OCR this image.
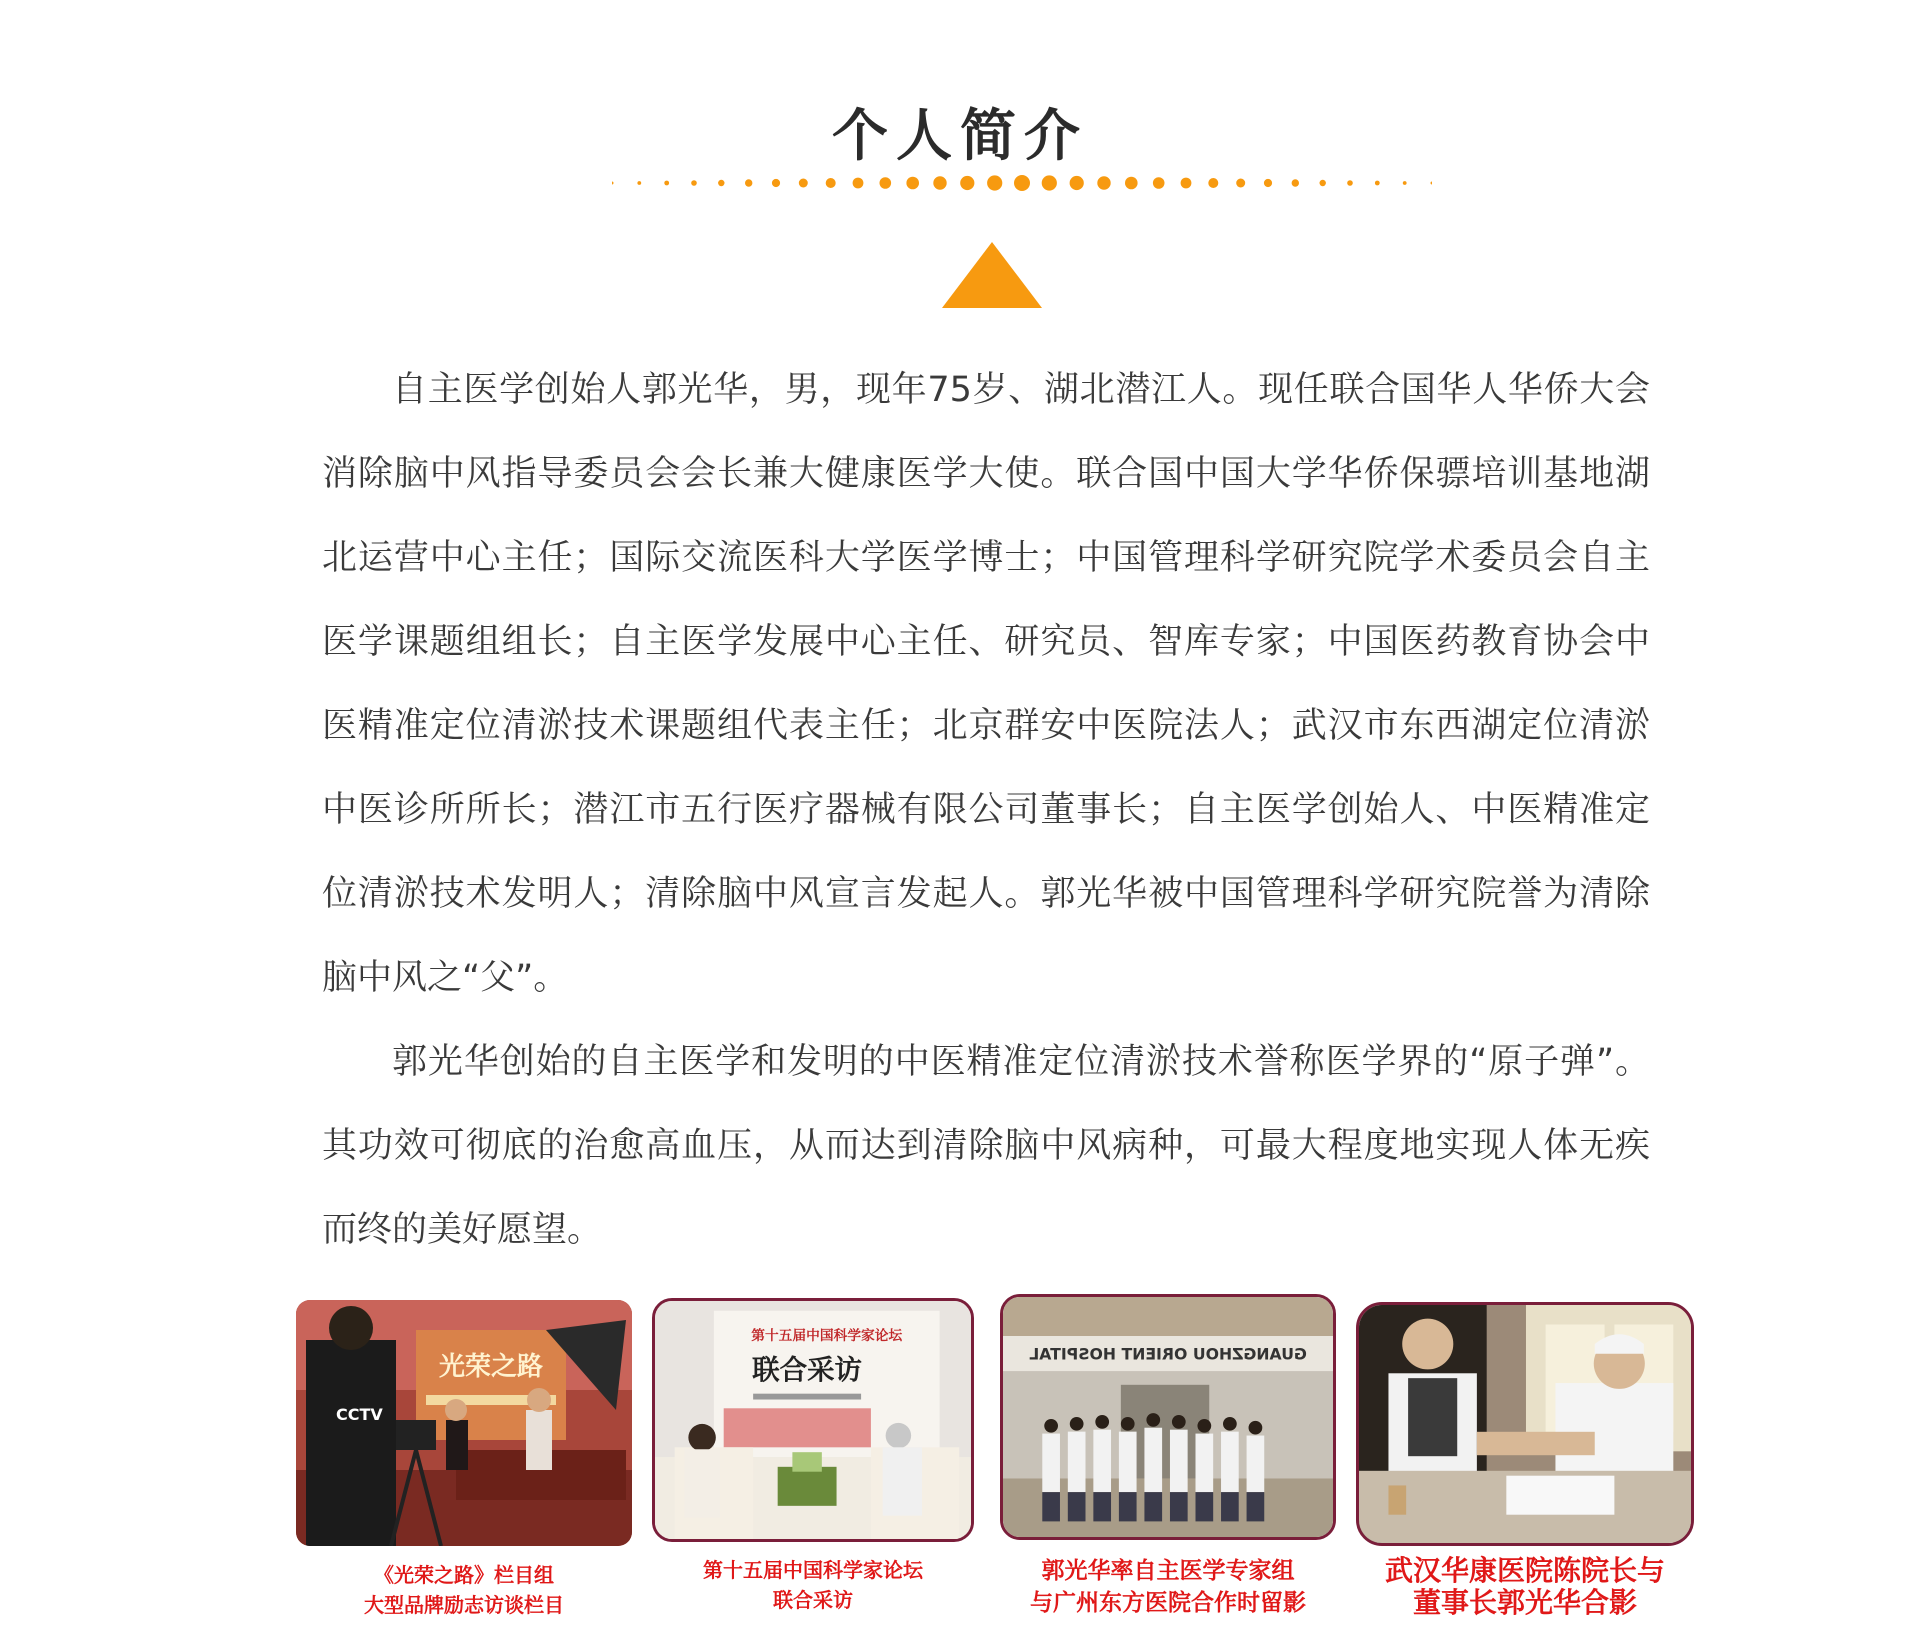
个人简介

自主医学创始人郭光华，男，现年75岁、湖北潜江人。现任联合国华人华侨大会消除脑中风指导委员会会长兼大健康医学大使。联合国中国大学华侨保骠培训基地湖北运营中心主任；国际交流医科大学医学博士；中国管理科学研究院学术委员会自主医学课题组组长；自主医学发展中心主任、研究员、智库专家；中国医药教育协会中医精准定位清淤技术课题组代表主任；北京群安中医院法人；武汉市东西湖定位清淤中医诊所所长；潜江市五行医疗器械有限公司董事长；自主医学创始人、中医精准定位清淤技术发明人；清除脑中风宣言发起人。郭光华被中国管理科学研究院誉为清除脑中风之“父”。

郭光华创始的自主医学和发明的中医精准定位清淤技术誉称医学界的“原子弹”。其功效可彻底的治愈高血压，从而达到清除脑中风病种，可最大程度地实现人体无疾而终的美好愿望。

光荣之路
CCTV
《光荣之路》栏目组
大型品牌励志访谈栏目
第十五届中国科学家论坛
联合采访
第十五届中国科学家论坛
联合采访
GUANGZHOU ORIENT HOSPITAL
郭光华率自主医学专家组
与广州东方医院合作时留影
武汉华康医院陈院长与
董事长郭光华合影
